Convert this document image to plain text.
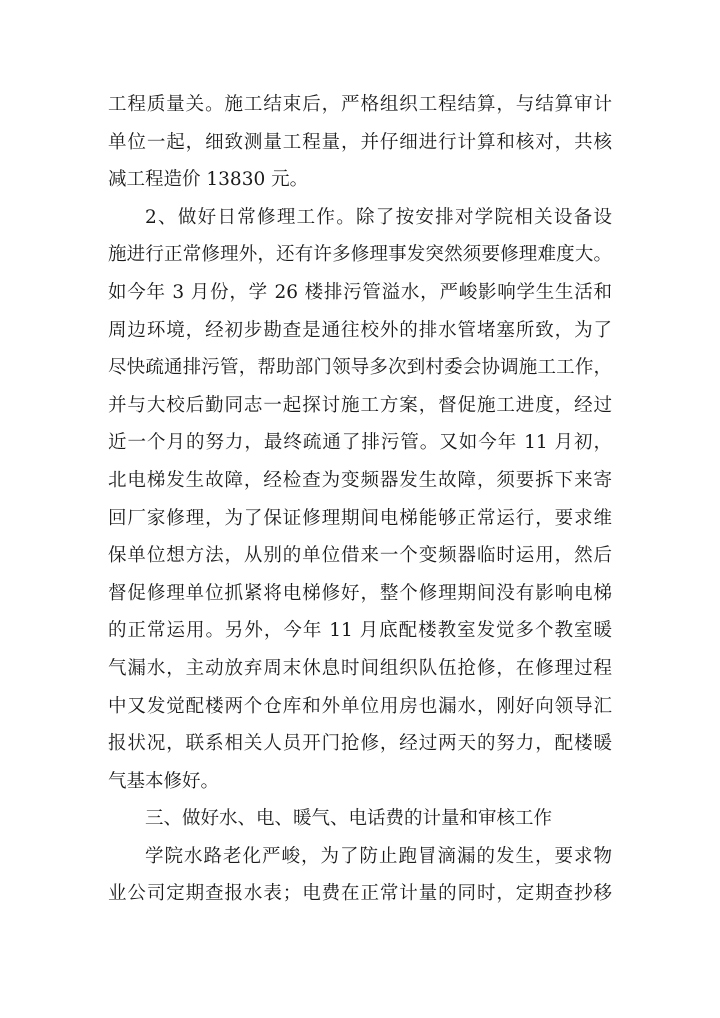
工程质量关。施工结束后，严格组织工程结算，与结算审计
单位一起，细致测量工程量，并仔细进行计算和核对，共核
减工程造价 13830 元。
2、做好日常修理工作。除了按安排对学院相关设备设
施进行正常修理外，还有许多修理事发突然须要修理难度大。
如今年 3 月份，学 26 楼排污管溢水，严峻影响学生生活和
周边环境，经初步勘查是通往校外的排水管堵塞所致，为了
尽快疏通排污管，帮助部门领导多次到村委会协调施工工作，
并与大校后勤同志一起探讨施工方案，督促施工进度，经过
近一个月的努力，最终疏通了排污管。又如今年 11 月初，
北电梯发生故障，经检查为变频器发生故障，须要拆下来寄
回厂家修理，为了保证修理期间电梯能够正常运行，要求维
保单位想方法，从别的单位借来一个变频器临时运用，然后
督促修理单位抓紧将电梯修好，整个修理期间没有影响电梯
的正常运用。另外，今年 11 月底配楼教室发觉多个教室暖
气漏水，主动放弃周末休息时间组织队伍抢修，在修理过程
中又发觉配楼两个仓库和外单位用房也漏水，刚好向领导汇
报状况，联系相关人员开门抢修，经过两天的努力，配楼暖
气基本修好。
三、做好水、电、暖气、电话费的计量和审核工作
学院水路老化严峻，为了防止跑冒滴漏的发生，要求物
业公司定期查报水表；电费在正常计量的同时，定期查抄移
